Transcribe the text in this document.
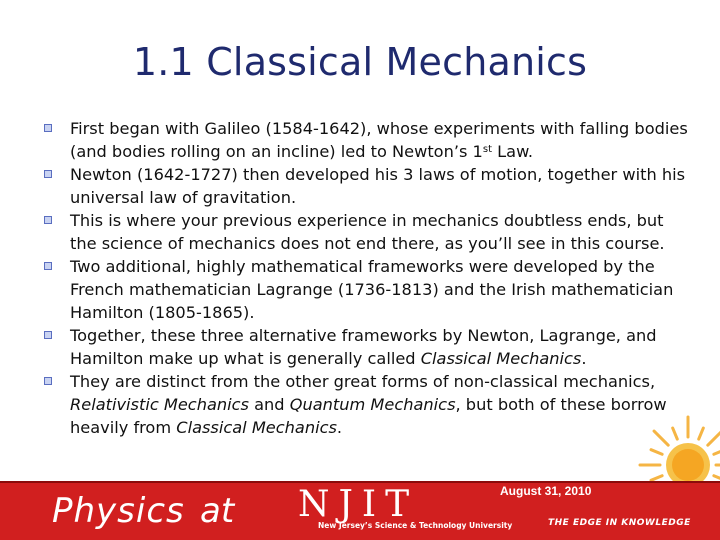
1.1 Classical Mechanics
First began with Galileo (1584-1642), whose experiments with falling bodies (and bodies rolling on an incline) led to Newton’s 1st Law.
Newton (1642-1727) then developed his 3 laws of motion, together with his universal law of gravitation.
This is where your previous experience in mechanics doubtless ends, but the science of mechanics does not end there, as you’ll see in this course.
Two additional, highly mathematical frameworks were developed by the French mathematician Lagrange (1736-1813) and the Irish mathematician Hamilton (1805-1865).
Together, these three alternative frameworks by Newton, Lagrange, and Hamilton make up what is generally called Classical Mechanics.
They are distinct from the other great forms of non-classical mechanics, Relativistic Mechanics and Quantum Mechanics, but both of these borrow heavily from Classical Mechanics.
Physics at NJIT
New Jersey’s Science & Technology University	THE EDGE IN KNOWLEDGE
August 31, 2010
